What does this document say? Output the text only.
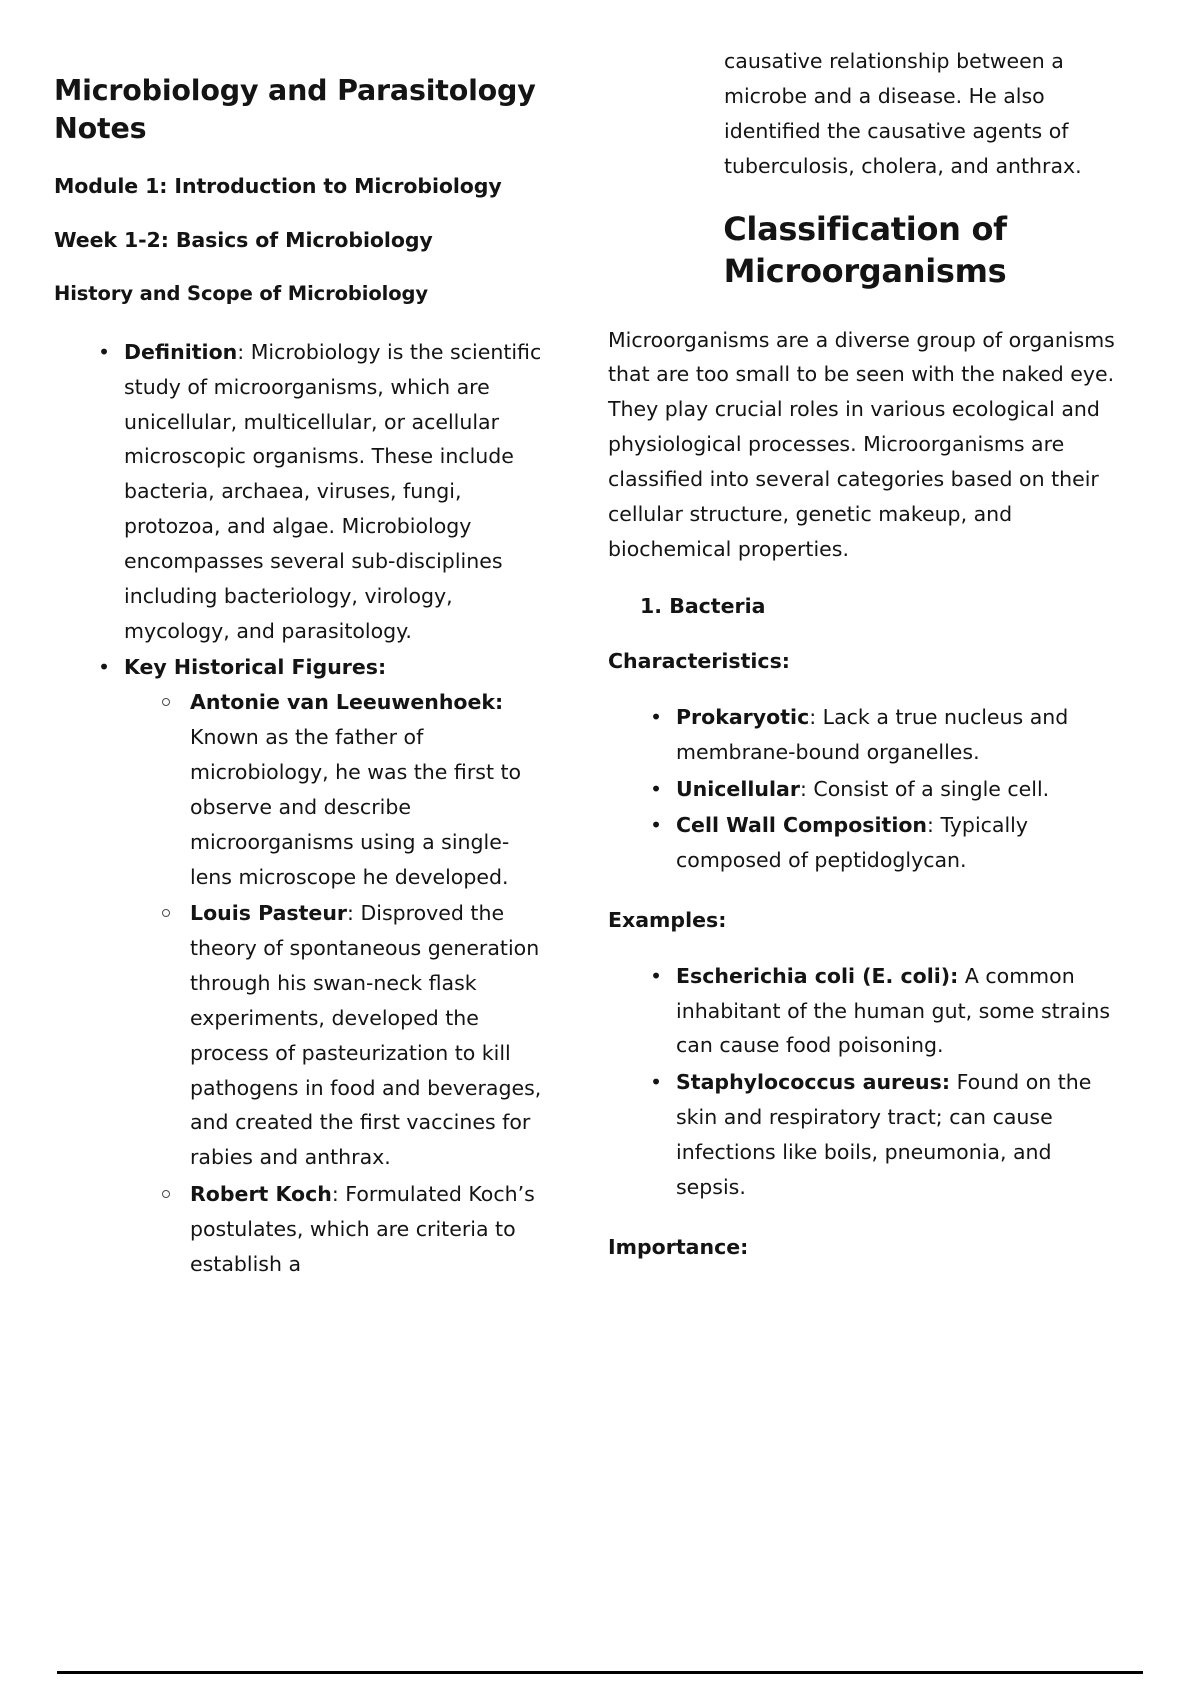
Microbiology and Parasitology Notes
Module 1: Introduction to Microbiology
Week 1-2: Basics of Microbiology
History and Scope of Microbiology
• Definition: Microbiology is the scientific study of microorganisms, which are unicellular, multicellular, or acellular microscopic organisms. These include bacteria, archaea, viruses, fungi, protozoa, and algae. Microbiology encompasses several sub-disciplines including bacteriology, virology, mycology, and parasitology.
• Key Historical Figures:
Antonie van Leeuwenhoek: Known as the father of microbiology, he was the first to observe and describe microorganisms using a single-lens microscope he developed.
Louis Pasteur: Disproved the theory of spontaneous generation through his swan-neck flask experiments, developed the process of pasteurization to kill pathogens in food and beverages, and created the first vaccines for rabies and anthrax.
Robert Koch: Formulated Koch’s postulates, which are criteria to establish a

causative relationship between a microbe and a disease. He also identified the causative agents of tuberculosis, cholera, and anthrax.

Classification of Microorganisms

Microorganisms are a diverse group of organisms that are too small to be seen with the naked eye. They play crucial roles in various ecological and physiological processes. Microorganisms are classified into several categories based on their cellular structure, genetic makeup, and biochemical properties.

1. Bacteria
Characteristics:
• Prokaryotic: Lack a true nucleus and membrane-bound organelles.
• Unicellular: Consist of a single cell.
• Cell Wall Composition: Typically composed of peptidoglycan.
Examples:
• Escherichia coli (E. coli): A common inhabitant of the human gut, some strains can cause food poisoning.
• Staphylococcus aureus: Found on the skin and respiratory tract; can cause infections like boils, pneumonia, and sepsis.
Importance:
